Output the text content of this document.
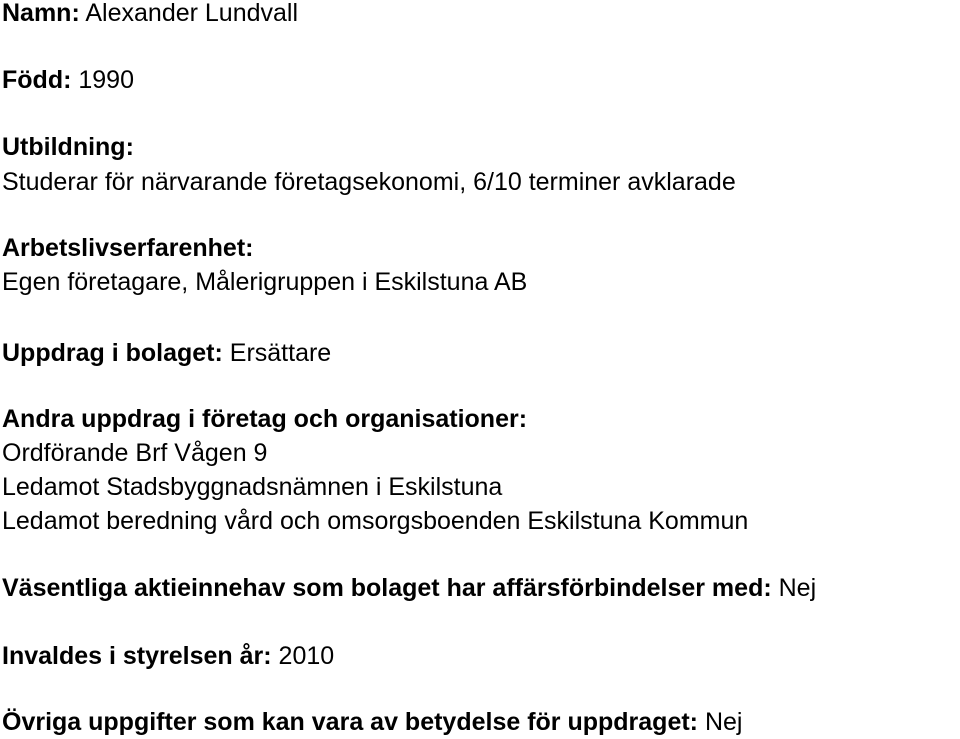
Namn: Alexander Lundvall
Född: 1990
Utbildning:
Studerar för närvarande företagsekonomi, 6/10 terminer avklarade
Arbetslivserfarenhet:
Egen företagare, Målerigruppen i Eskilstuna AB
Uppdrag i bolaget: Ersättare
Andra uppdrag i företag och organisationer:
Ordförande Brf Vågen 9
Ledamot Stadsbyggnadsnämnen i Eskilstuna
Ledamot beredning vård och omsorgsboenden Eskilstuna Kommun
Väsentliga aktieinnehav som bolaget har affärsförbindelser med: Nej
Invaldes i styrelsen år: 2010
Övriga uppgifter som kan vara av betydelse för uppdraget: Nej
